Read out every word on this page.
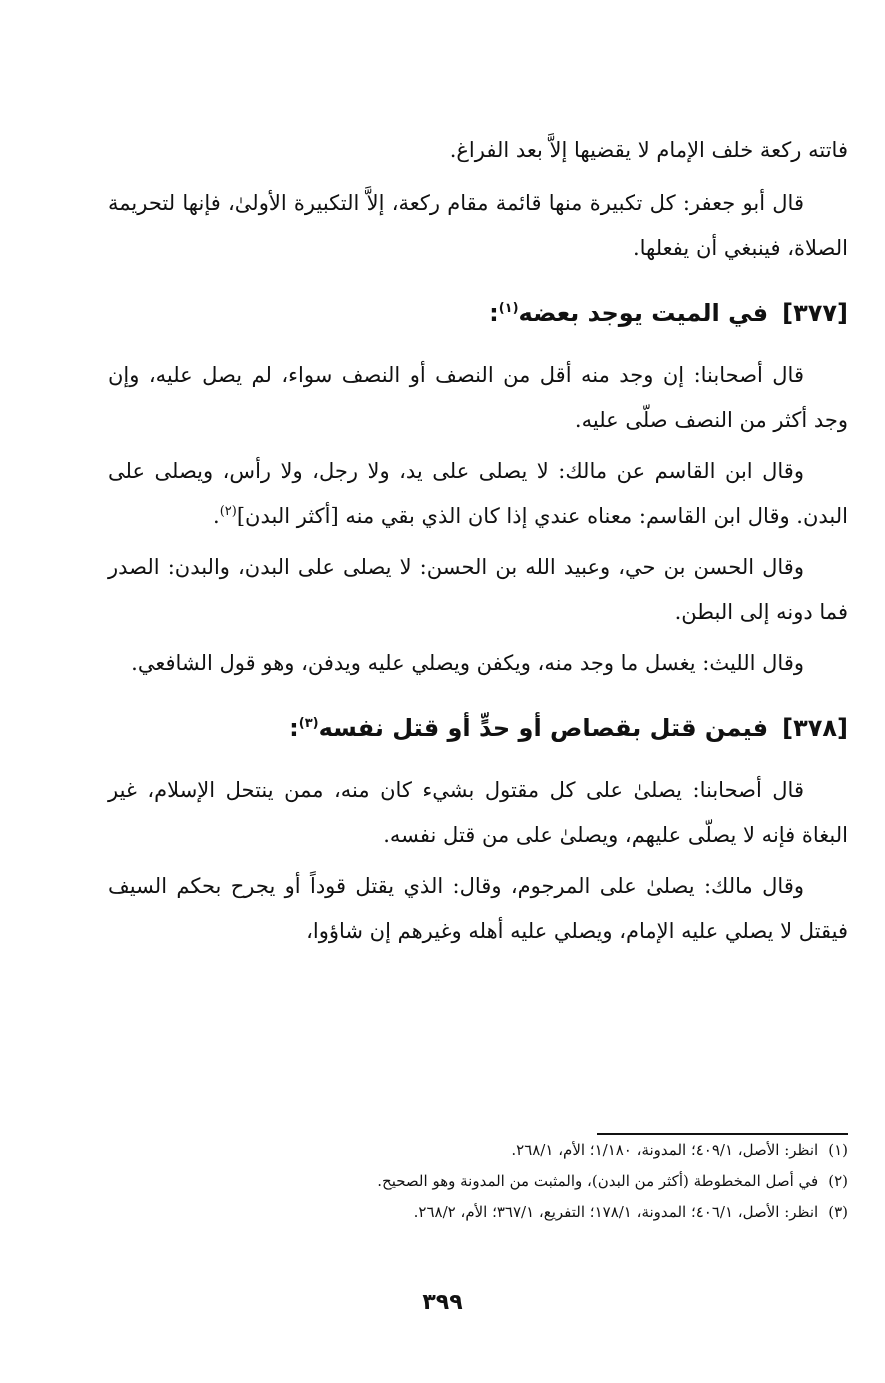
فاتته ركعة خلف الإمام لا يقضيها إلاَّ بعد الفراغ.

قال أبو جعفر: كل تكبيرة منها قائمة مقام ركعة، إلاَّ التكبيرة الأولىٰ، فإنها لتحريمة الصلاة، فينبغي أن يفعلها.

[٣٧٧]في الميت يوجد بعضه$^{(١)}$:

قال أصحابنا: إن وجد منه أقل من النصف أو النصف سواء، لم يصل عليه، وإن وجد أكثر من النصف صلّى عليه.

وقال ابن القاسم عن مالك: لا يصلى على يد، ولا رجل، ولا رأس، ويصلى على البدن. وقال ابن القاسم: معناه عندي إذا كان الذي بقي منه [أكثر البدن]$^{(٢)}$.

وقال الحسن بن حي، وعبيد الله بن الحسن: لا يصلى على البدن، والبدن: الصدر فما دونه إلى البطن.

وقال الليث: يغسل ما وجد منه، ويكفن ويصلي عليه ويدفن، وهو قول الشافعي.

[٣٧٨]فيمن قتل بقصاص أو حدٍّ أو قتل نفسه$^{(٣)}$:

قال أصحابنا: يصلىٰ على كل مقتول بشيء كان منه، ممن ينتحل الإسلام، غير البغاة فإنه لا يصلّى عليهم، ويصلىٰ على من قتل نفسه.

وقال مالك: يصلىٰ على المرجوم، وقال: الذي يقتل قوداً أو يجرح بحكم السيف فيقتل لا يصلي عليه الإمام، ويصلي عليه أهله وغيرهم إن شاؤوا،

(١)انظر: الأصل، ٤٠٩/١؛ المدونة، ١/١٨٠؛ الأم، ٢٦٨/١.
(٢)في أصل المخطوطة (أكثر من البدن)، والمثبت من المدونة وهو الصحيح.
(٣)انظر: الأصل، ٤٠٦/١؛ المدونة، ١٧٨/١؛ التفريع، ٣٦٧/١؛ الأم، ٢٦٨/٢.
٣٩٩
